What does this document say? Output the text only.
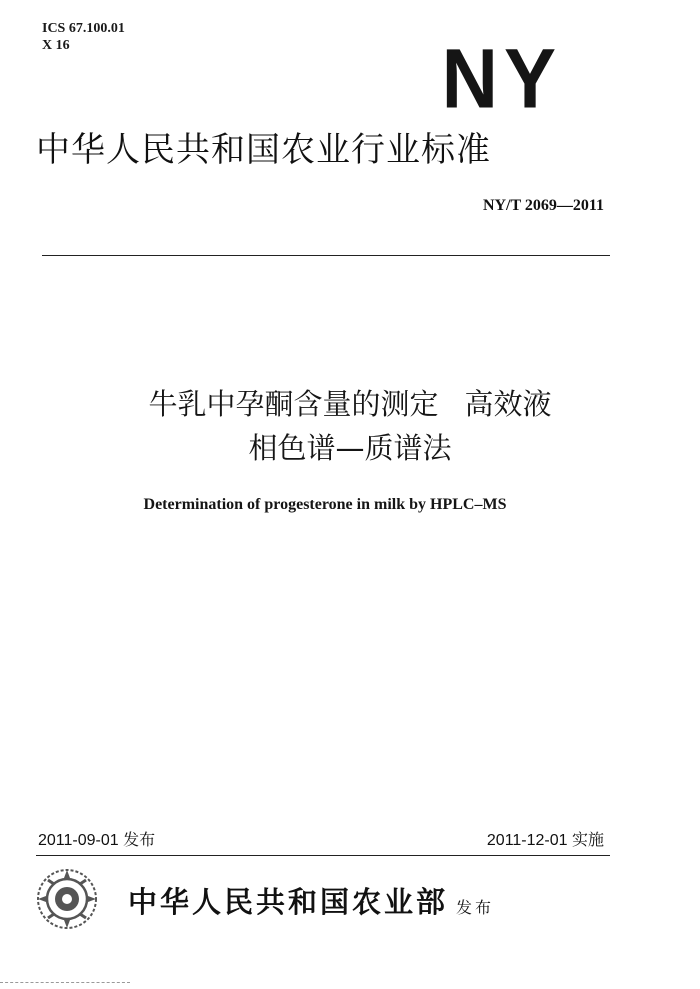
ICS 67.100.01
X 16	NY
中华人民共和国农业行业标准
NY/T 2069—2011
牛乳中孕酮含量的测定 高效液
相色谱—质谱法
Determination of progesterone in milk by HPLC–MS
2011-09-01 发布	2011-12-01 实施
中华人民共和国农业部 发布
